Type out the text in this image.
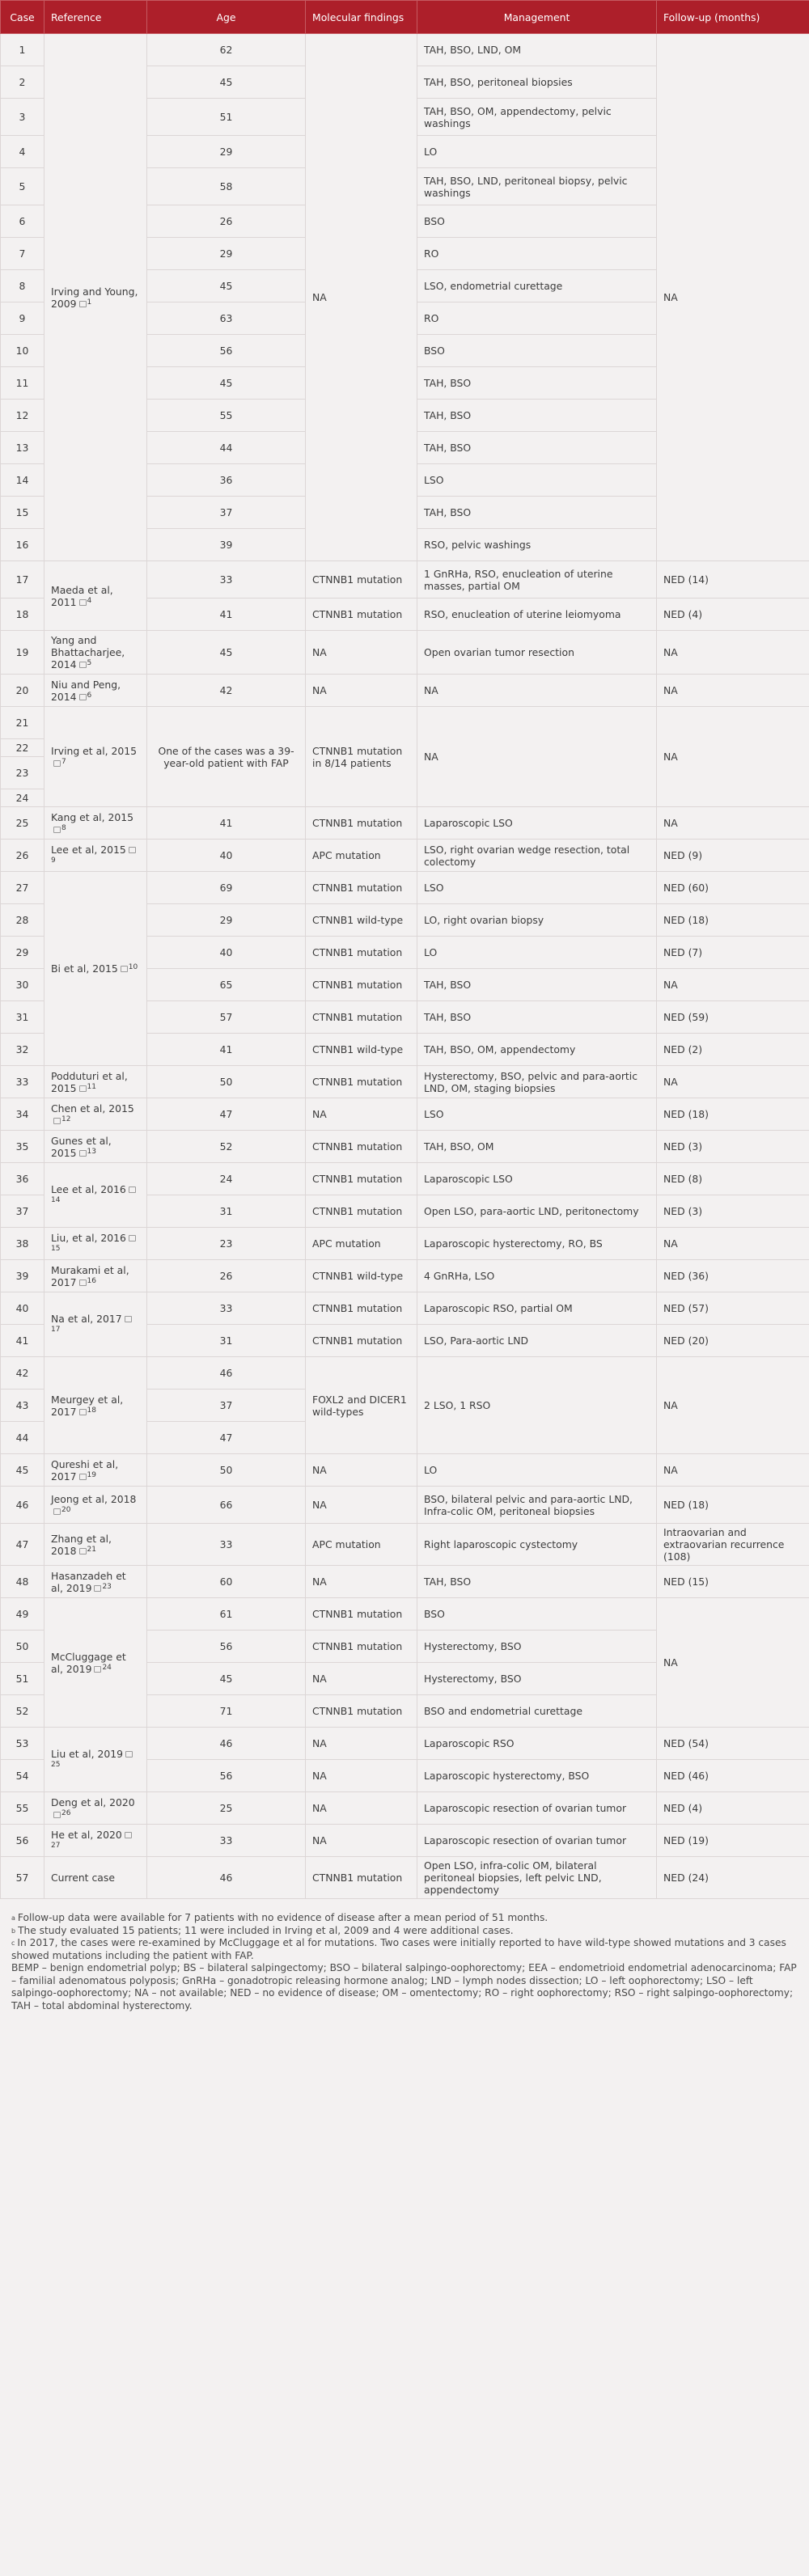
Case	Reference	Age	Molecular findings	Management	Follow-up (months)
1	Irving and Young, 2009 $^1$	62	NA	TAH, BSO, LND, OM	NA
2		45		TAH, BSO, peritoneal biopsies	
3		51		TAH, BSO, OM, appendectomy, pelvic washings	
4		29		LO	
5		58		TAH, BSO, LND, peritoneal biopsy, pelvic washings	
6		26		BSO	
7		29		RO	
8		45		LSO, endometrial curettage	
9		63		RO	
10		56		BSO	
11		45		TAH, BSO	
12		55		TAH, BSO	
13		44		TAH, BSO	
14		36		LSO	
15		37		TAH, BSO	
16		39		RSO, pelvic washings	
17	Maeda et al, 2011 $^4$	33	CTNNB1 mutation	1 GnRHa, RSO, enucleation of uterine masses, partial OM	NED (14)
18		41	CTNNB1 mutation	RSO, enucleation of uterine leiomyoma	NED (4)
19	Yang and Bhattacharjee, 2014 $^5$	45	NA	Open ovarian tumor resection	NA
20	Niu and Peng, 2014 $^6$	42	NA	NA	NA
21	Irving et al, 2015$^7$	One of the cases was a 39-year-old patient with FAP	CTNNB1 mutation in 8/14 patients	NA	NA
22					
23					
24					
25	Kang et al, 2015$^8$	41	CTNNB1 mutation	Laparoscopic LSO	NA
26	Lee et al, 2015$^9$	40	APC mutation	LSO, right ovarian wedge resection, total colectomy	NED (9)
27	Bi et al, 2015 $^{10}$	69	CTNNB1 mutation	LSO	NED (60)
28		29	CTNNB1 wild-type	LO, right ovarian biopsy	NED (18)
29		40	CTNNB1 mutation	LO	NED (7)
30		65	CTNNB1 mutation	TAH, BSO	NA
31		57	CTNNB1 mutation	TAH, BSO	NED (59)
32		41	CTNNB1 wild-type	TAH, BSO, OM, appendectomy	NED (2)
33	Podduturi et al, 2015 $^{11}$	50	CTNNB1 mutation	Hysterectomy, BSO, pelvic and para-aortic LND, OM, staging biopsies	NA
34	Chen et al, 2015$^{12}$	47	NA	LSO	NED (18)
35	Gunes et al, 2015 $^{13}$	52	CTNNB1 mutation	TAH, BSO, OM	NED (3)
36	Lee et al, 2016$^{14}$	24	CTNNB1 mutation	Laparoscopic LSO	NED (8)
37		31	CTNNB1 mutation	Open LSO, para-aortic LND, peritonectomy	NED (3)
38	Liu, et al, 2016$^{15}$	23	APC mutation	Laparoscopic hysterectomy, RO, BS	NA
39	Murakami et al, 2017 $^{16}$	26	CTNNB1 wild-type	4 GnRHa, LSO	NED (36)
40	Na et al, 2017$^{17}$	33	CTNNB1 mutation	Laparoscopic RSO, partial OM	NED (57)
41		31	CTNNB1 mutation	LSO, Para-aortic LND	NED (20)
42	Meurgey et al, 2017 $^{18}$	46	FOXL2 and DICER1 wild-types	2 LSO, 1 RSO	NA
43		37			
44		47			
45	Qureshi et al, 2017 $^{19}$	50	NA	LO	NA
46	Jeong et al, 2018$^{20}$	66	NA	BSO, bilateral pelvic and para-aortic LND, Infra-colic OM, peritoneal biopsies	NED (18)
47	Zhang et al, 2018 $^{21}$	33	APC mutation	Right laparoscopic cystectomy	Intraovarian and extraovarian recurrence (108)
48	Hasanzadeh et al, 2019 $^{23}$	60	NA	TAH, BSO	NED (15)
49	McCluggage et al, 2019 $^{24}$	61	CTNNB1 mutation	BSO	NA
50		56	CTNNB1 mutation	Hysterectomy, BSO	
51		45	NA	Hysterectomy, BSO	
52		71	CTNNB1 mutation	BSO and endometrial curettage	
53	Liu et al, 2019$^{25}$	46	NA	Laparoscopic RSO	NED (54)
54		56	NA	Laparoscopic hysterectomy, BSO	NED (46)
55	Deng et al, 2020$^{26}$	25	NA	Laparoscopic resection of ovarian tumor	NED (4)
56	He et al, 2020$^{27}$	33	NA	Laparoscopic resection of ovarian tumor	NED (19)
57	Current case	46	CTNNB1 mutation	Open LSO, infra-colic OM, bilateral peritoneal biopsies, left pelvic LND, appendectomy	NED (24)

$^a$ Follow-up data were available for 7 patients with no evidence of disease after a mean period of 51 months.

$^b$ The study evaluated 15 patients; 11 were included in Irving et al, 2009 and 4 were additional cases.

$^c$ In 2017, the cases were re-examined by McCluggage et al for mutations. Two cases were initially reported to have wild-type showed mutations and 3 cases showed mutations including the patient with FAP.

BEMP – benign endometrial polyp; BS – bilateral salpingectomy; BSO – bilateral salpingo-oophorectomy; EEA – endometrioid endometrial adenocarcinoma; FAP – familial adenomatous polyposis; GnRHa – gonadotropic releasing hormone analog; LND – lymph nodes dissection; LO – left oophorectomy; LSO – left salpingo-oophorectomy; NA – not available; NED – no evidence of disease; OM – omentectomy; RO – right oophorectomy; RSO – right salpingo-oophorectomy; TAH – total abdominal hysterectomy.
